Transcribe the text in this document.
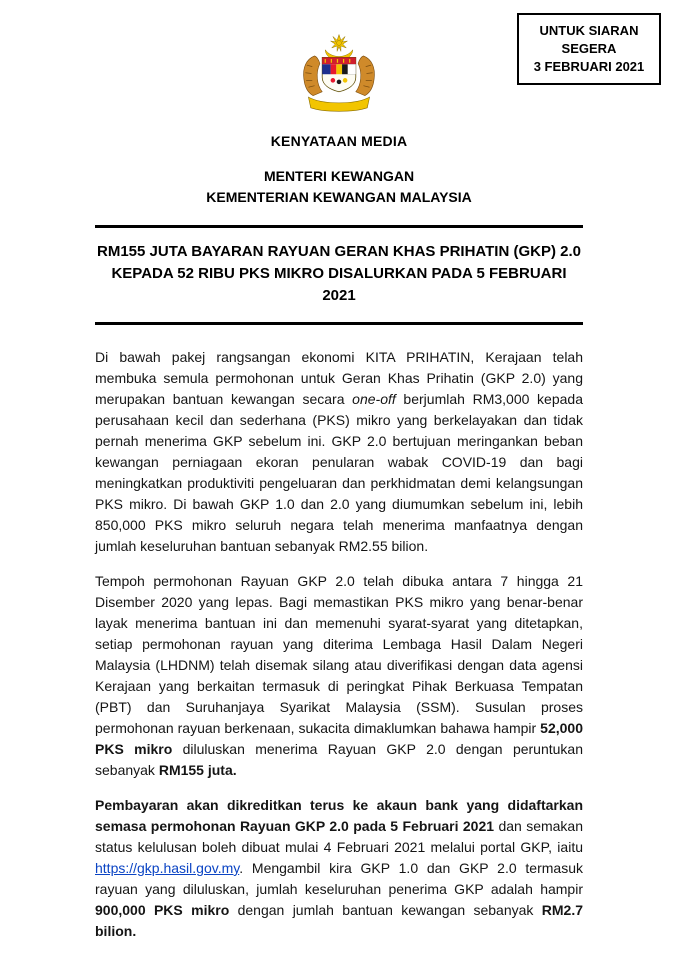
UNTUK SIARAN
SEGERA
3 FEBRUARI 2021
KENYATAAN MEDIA
MENTERI KEWANGAN
KEMENTERIAN KEWANGAN MALAYSIA
RM155 JUTA BAYARAN RAYUAN GERAN KHAS PRIHATIN (GKP) 2.0
KEPADA 52 RIBU PKS MIKRO DISALURKAN PADA 5 FEBRUARI 2021

Di bawah pakej rangsangan ekonomi KITA PRIHATIN, Kerajaan telah membuka semula permohonan untuk Geran Khas Prihatin (GKP 2.0) yang merupakan bantuan kewangan secara one-off berjumlah RM3,000 kepada perusahaan kecil dan sederhana (PKS) mikro yang berkelayakan dan tidak pernah menerima GKP sebelum ini. GKP 2.0 bertujuan meringankan beban kewangan perniagaan ekoran penularan wabak COVID-19 dan bagi meningkatkan produktiviti pengeluaran dan perkhidmatan demi kelangsungan PKS mikro. Di bawah GKP 1.0 dan 2.0 yang diumumkan sebelum ini, lebih 850,000 PKS mikro seluruh negara telah menerima manfaatnya dengan jumlah keseluruhan bantuan sebanyak RM2.55 bilion.

Tempoh permohonan Rayuan GKP 2.0 telah dibuka antara 7 hingga 21 Disember 2020 yang lepas. Bagi memastikan PKS mikro yang benar-benar layak menerima bantuan ini dan memenuhi syarat-syarat yang ditetapkan, setiap permohonan rayuan yang diterima Lembaga Hasil Dalam Negeri Malaysia (LHDNM) telah disemak silang atau diverifikasi dengan data agensi Kerajaan yang berkaitan termasuk di peringkat Pihak Berkuasa Tempatan (PBT) dan Suruhanjaya Syarikat Malaysia (SSM). Susulan proses permohonan rayuan berkenaan, sukacita dimaklumkan bahawa hampir 52,000 PKS mikro diluluskan menerima Rayuan GKP 2.0 dengan peruntukan sebanyak RM155 juta.

Pembayaran akan dikreditkan terus ke akaun bank yang didaftarkan semasa permohonan Rayuan GKP 2.0 pada 5 Februari 2021 dan semakan status kelulusan boleh dibuat mulai 4 Februari 2021 melalui portal GKP, iaitu https://gkp.hasil.gov.my. Mengambil kira GKP 1.0 dan GKP 2.0 termasuk rayuan yang diluluskan, jumlah keseluruhan penerima GKP adalah hampir 900,000 PKS mikro dengan jumlah bantuan kewangan sebanyak RM2.7 bilion.
